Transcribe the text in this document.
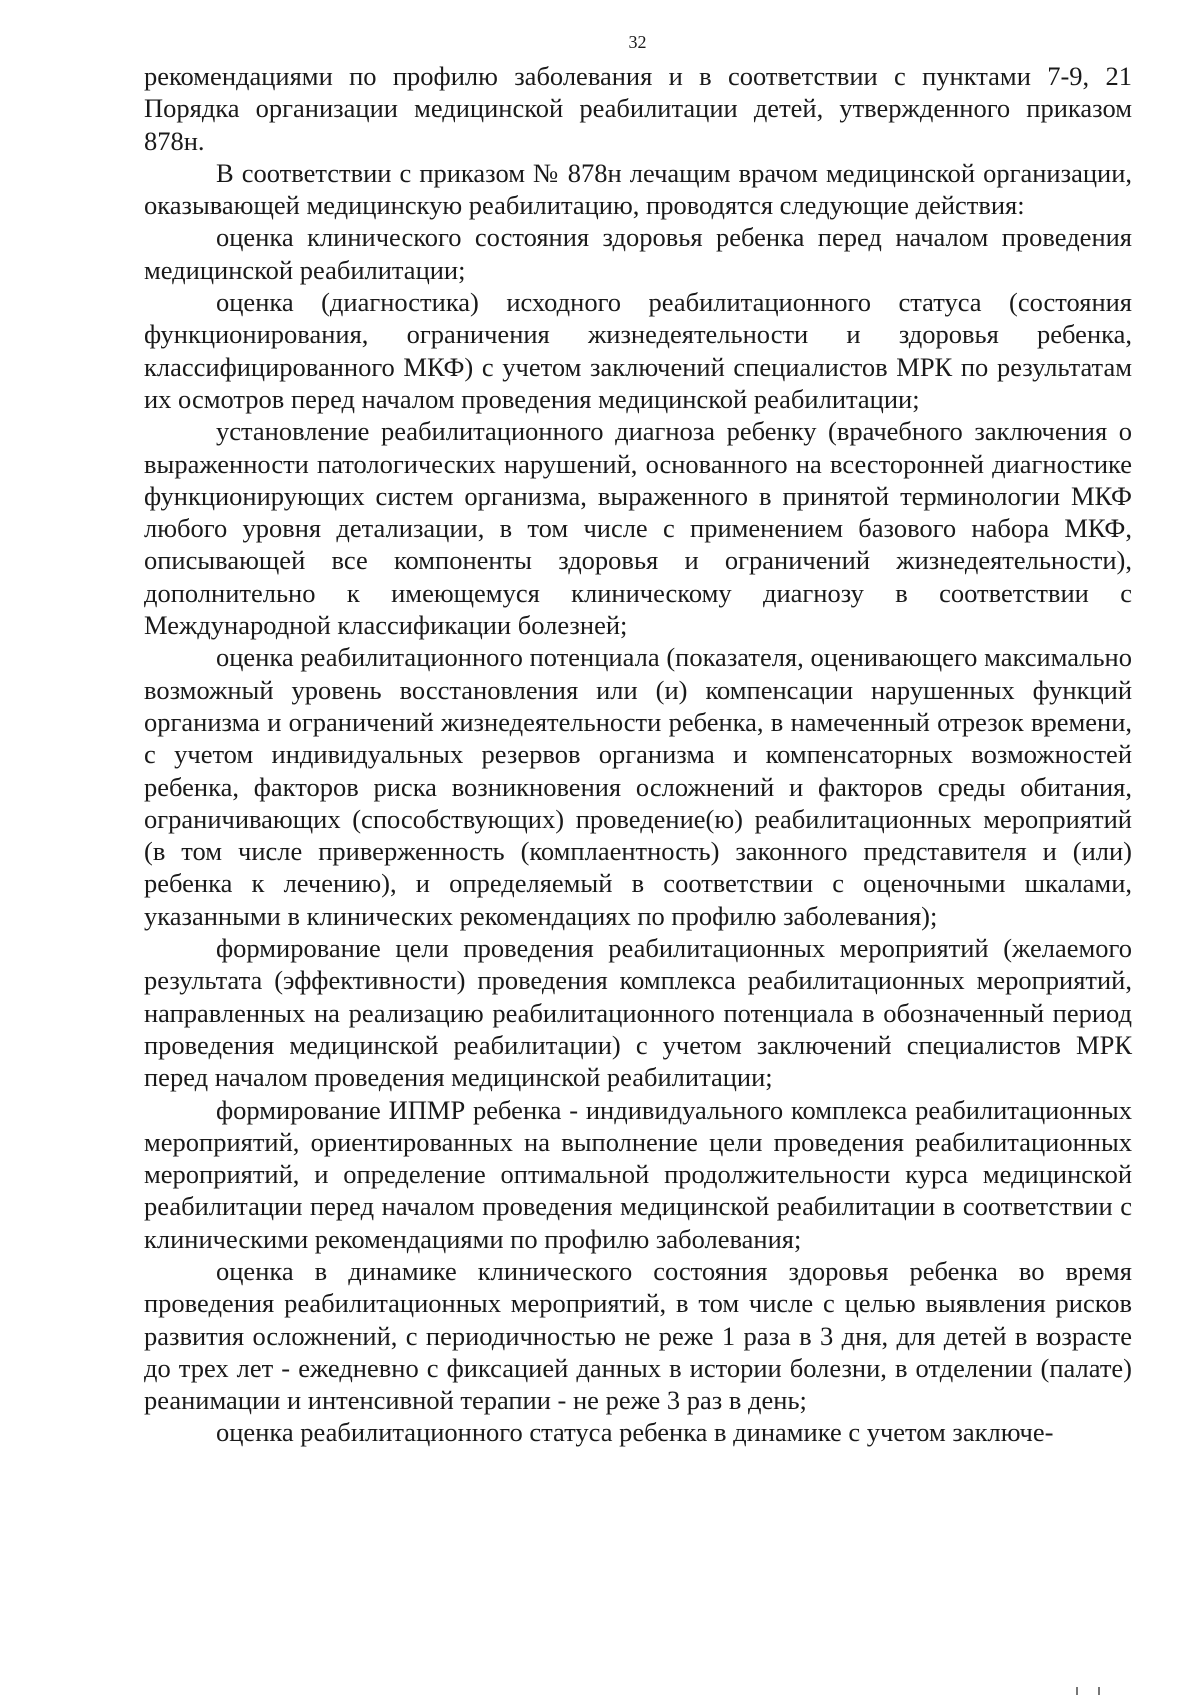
32

рекомендациями по профилю заболевания и в соответствии с пунктами 7-9, 21 Порядка организации медицинской реабилитации детей, утвержденного приказом 878н.

В соответствии с приказом № 878н лечащим врачом медицинской организации, оказывающей медицинскую реабилитацию, проводятся следующие действия:

оценка клинического состояния здоровья ребенка перед началом проведения медицинской реабилитации;

оценка (диагностика) исходного реабилитационного статуса (состояния функционирования, ограничения жизнедеятельности и здоровья ребенка, классифицированного МКФ) с учетом заключений специалистов МРК по результатам их осмотров перед началом проведения медицинской реабилитации;

установление реабилитационного диагноза ребенку (врачебного заключения о выраженности патологических нарушений, основанного на всесторонней диагностике функционирующих систем организма, выраженного в принятой терминологии МКФ любого уровня детализации, в том числе с применением базового набора МКФ, описывающей все компоненты здоровья и ограничений жизнедеятельности), дополнительно к имеющемуся клиническому диагнозу в соответствии с Международной классификации болезней;

оценка реабилитационного потенциала (показателя, оценивающего максимально возможный уровень восстановления или (и) компенсации нарушенных функций организма и ограничений жизнедеятельности ребенка, в намеченный отрезок времени, с учетом индивидуальных резервов организма и компенсаторных возможностей ребенка, факторов риска возникновения осложнений и факторов среды обитания, ограничивающих (способствующих) проведение(ю) реабилитационных мероприятий (в том числе приверженность (комплаентность) законного представителя и (или) ребенка к лечению), и определяемый в соответствии с оценочными шкалами, указанными в клинических рекомендациях по профилю заболевания);

формирование цели проведения реабилитационных мероприятий (желаемого результата (эффективности) проведения комплекса реабилитационных мероприятий, направленных на реализацию реабилитационного потенциала в обозначенный период проведения медицинской реабилитации) с учетом заключений специалистов МРК перед началом проведения медицинской реабилитации;

формирование ИПМР ребенка - индивидуального комплекса реабилитационных мероприятий, ориентированных на выполнение цели проведения реабилитационных мероприятий, и определение оптимальной продолжительности курса медицинской реабилитации перед началом проведения медицинской реабилитации в соответствии с клиническими рекомендациями по профилю заболевания;

оценка в динамике клинического состояния здоровья ребенка во время проведения реабилитационных мероприятий, в том числе с целью выявления рисков развития осложнений, с периодичностью не реже 1 раза в 3 дня, для детей в возрасте до трех лет - ежедневно с фиксацией данных в истории болезни, в отделении (палате) реанимации и интенсивной терапии - не реже 3 раз в день;

оценка реабилитационного статуса ребенка в динамике с учетом заключе-
